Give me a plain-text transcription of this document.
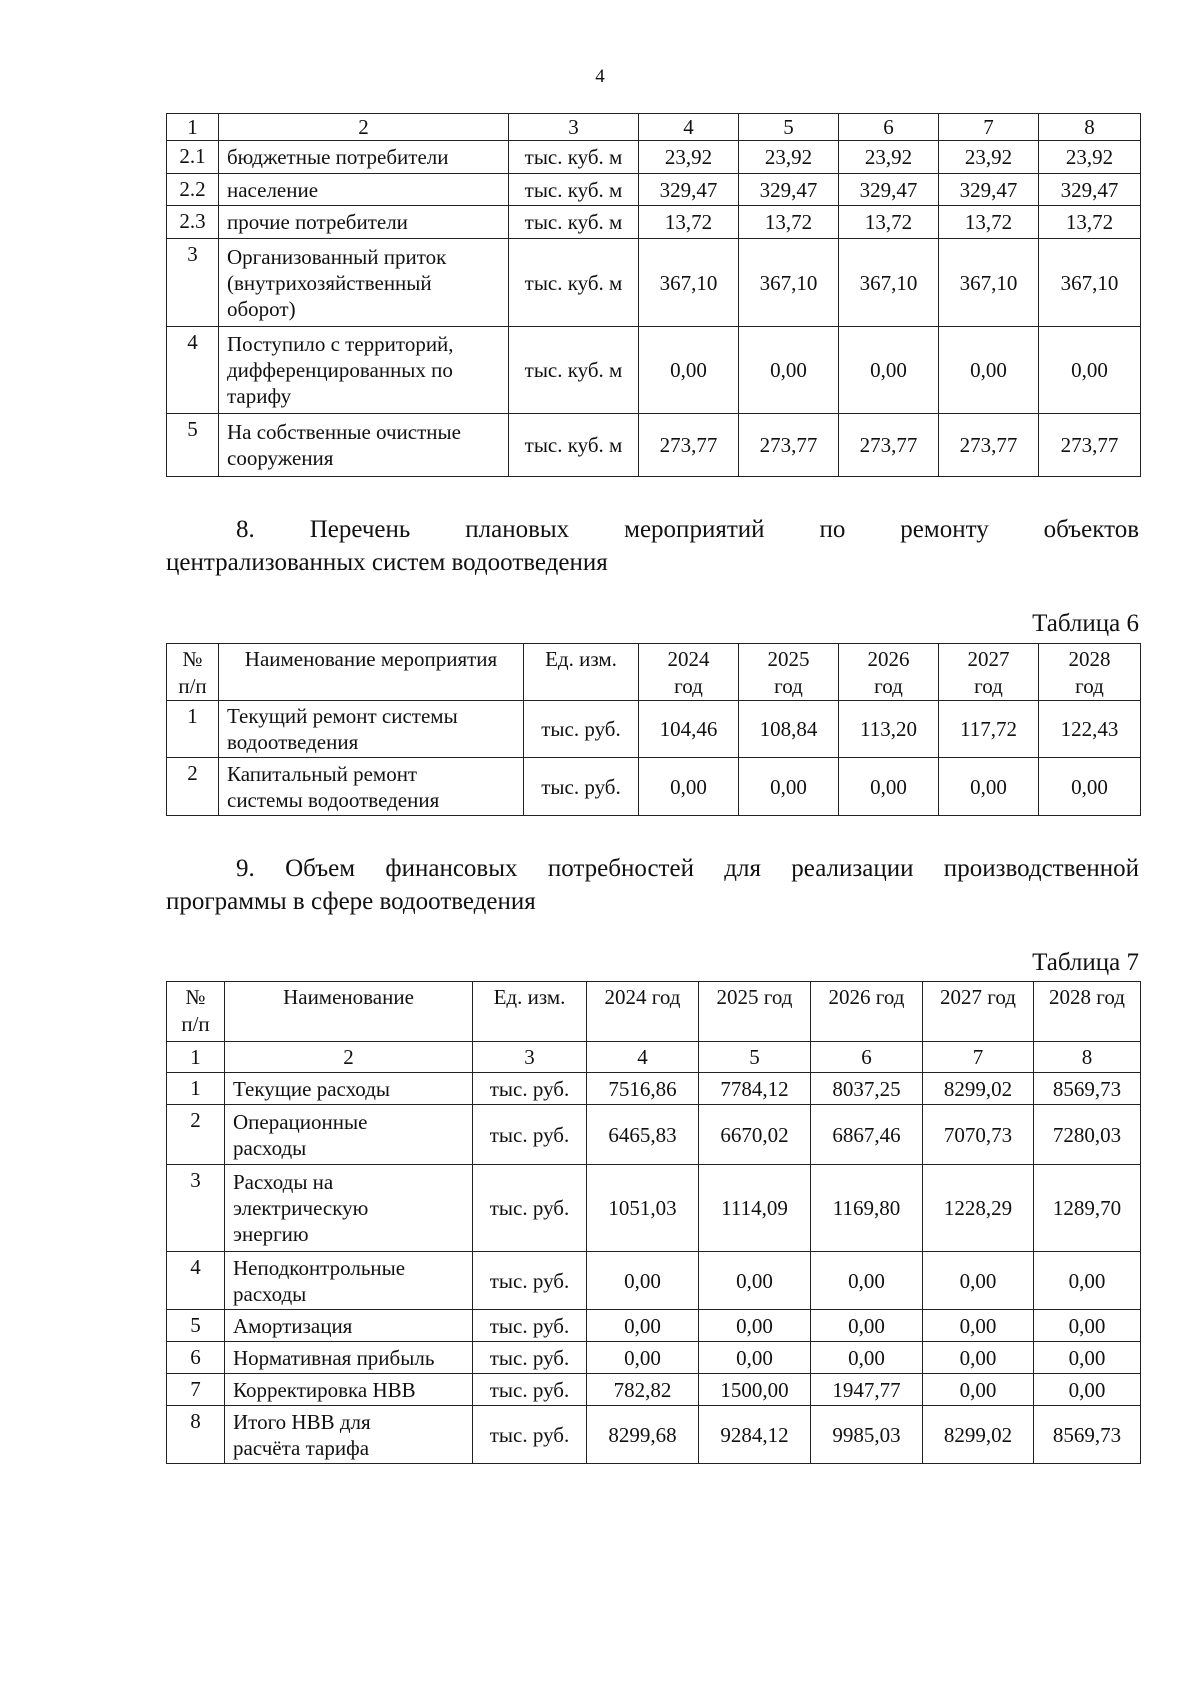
4
1	2	3	4	5	6	7	8
2.1	бюджетные потребители	тыс. куб. м	23,92	23,92	23,92	23,92	23,92
2.2	население	тыс. куб. м	329,47	329,47	329,47	329,47	329,47
2.3	прочие потребители	тыс. куб. м	13,72	13,72	13,72	13,72	13,72
3	Организованный приток
(внутрихозяйственный
оборот)	тыс. куб. м	367,10	367,10	367,10	367,10	367,10
4	Поступило с территорий,
дифференцированных по
тарифу	тыс. куб. м	0,00	0,00	0,00	0,00	0,00
5	На собственные очистные
сооружения	тыс. куб. м	273,77	273,77	273,77	273,77	273,77

8. Перечень плановых мероприятий по ремонту объектов

централизованных систем водоотведения

Таблица 6
№
п/п	Наименование мероприятия	Ед. изм.	2024
год	2025
год	2026
год	2027
год	2028
год
1	Текущий ремонт системы
водоотведения	тыс. руб.	104,46	108,84	113,20	117,72	122,43
2	Капитальный ремонт
системы водоотведения	тыс. руб.	0,00	0,00	0,00	0,00	0,00

9. Объем финансовых потребностей для реализации производственной

программы в сфере водоотведения

Таблица 7
№
п/п	Наименование	Ед. изм.	2024 год	2025 год	2026 год	2027 год	2028 год
1	2	3	4	5	6	7	8
1	Текущие расходы	тыс. руб.	7516,86	7784,12	8037,25	8299,02	8569,73
2	Операционные
расходы	тыс. руб.	6465,83	6670,02	6867,46	7070,73	7280,03
3	Расходы на
электрическую
энергию	тыс. руб.	1051,03	1114,09	1169,80	1228,29	1289,70
4	Неподконтрольные
расходы	тыс. руб.	0,00	0,00	0,00	0,00	0,00
5	Амортизация	тыс. руб.	0,00	0,00	0,00	0,00	0,00
6	Нормативная прибыль	тыс. руб.	0,00	0,00	0,00	0,00	0,00
7	Корректировка НВВ	тыс. руб.	782,82	1500,00	1947,77	0,00	0,00
8	Итого НВВ для
расчёта тарифа	тыс. руб.	8299,68	9284,12	9985,03	8299,02	8569,73
